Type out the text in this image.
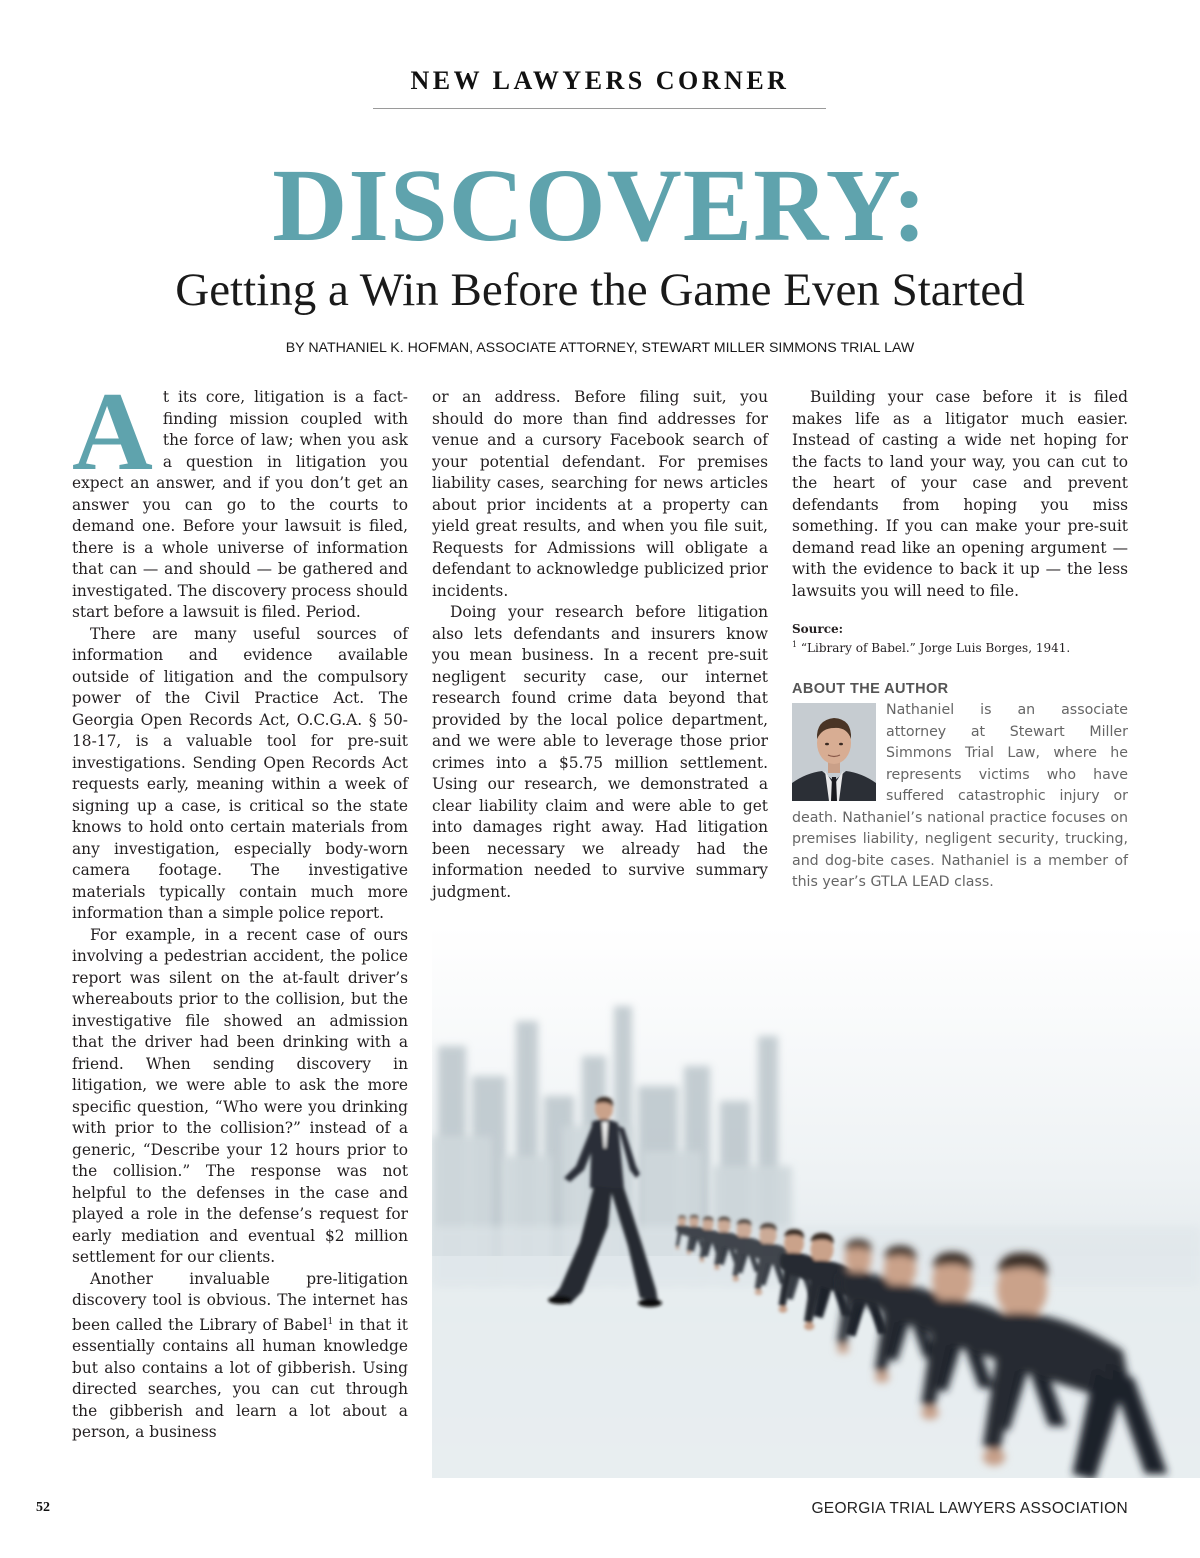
NEW LAWYERS CORNER
DISCOVERY:
Getting a Win Before the Game Even Started
BY NATHANIEL K. HOFMAN, ASSOCIATE ATTORNEY, STEWART MILLER SIMMONS TRIAL LAW

At its core, litigation is a fact-finding mission coupled with the force of law; when you ask a question in litigation you expect an answer, and if you don’t get an answer you can go to the courts to demand one. Before your lawsuit is filed, there is a whole universe of information that can — and should — be gathered and investigated. The discovery process should start before a lawsuit is filed. Period.

There are many useful sources of information and evidence available outside of litigation and the compulsory power of the Civil Practice Act. The Georgia Open Records Act, O.C.G.A. § 50-18-17, is a valuable tool for pre-suit investigations. Sending Open Records Act requests early, meaning within a week of signing up a case, is critical so the state knows to hold onto certain materials from any investigation, especially body-worn camera footage. The investigative materials typically contain much more information than a simple police report.

For example, in a recent case of ours involving a pedestrian accident, the police report was silent on the at-fault driver’s whereabouts prior to the collision, but the investigative file showed an admission that the driver had been drinking with a friend. When sending discovery in litigation, we were able to ask the more specific question, “Who were you drinking with prior to the collision?” instead of a generic, “Describe your 12 hours prior to the collision.” The response was not helpful to the defenses in the case and played a role in the defense’s request for early mediation and eventual $2 million settlement for our clients.

Another invaluable pre-litigation discovery tool is obvious. The internet has been called the Library of Babel$^1$ in that it essentially contains all human knowledge but also contains a lot of gibberish. Using directed searches, you can cut through the gibberish and learn a lot about a person, a business

or an address. Before filing suit, you should do more than find addresses for venue and a cursory Facebook search of your potential defendant. For premises liability cases, searching for news articles about prior incidents at a property can yield great results, and when you file suit, Requests for Admissions will obligate a defendant to acknowledge publicized prior incidents.

Doing your research before litigation also lets defendants and insurers know you mean business. In a recent pre-suit negligent security case, our internet research found crime data beyond that provided by the local police department, and we were able to leverage those prior crimes into a $5.75 million settlement. Using our research, we demonstrated a clear liability claim and were able to get into damages right away. Had litigation been necessary we already had the information needed to survive summary judgment.

Building your case before it is filed makes life as a litigator much easier. Instead of casting a wide net hoping for the facts to land your way, you can cut to the heart of your case and prevent defendants from hoping you miss something. If you can make your pre-suit demand read like an opening argument — with the evidence to back it up — the less lawsuits you will need to file.

Source:
$^1$ “Library of Babel.” Jorge Luis Borges, 1941.
ABOUT THE AUTHOR
Nathaniel is an associate attorney at Stewart Miller Simmons Trial Law, where he represents victims who have suffered catastrophic injury or death. Nathaniel’s national practice focuses on premises liability, negligent security, trucking, and dog-bite cases. Nathaniel is a member of this year’s GTLA LEAD class.
52	GEORGIA TRIAL LAWYERS ASSOCIATION
